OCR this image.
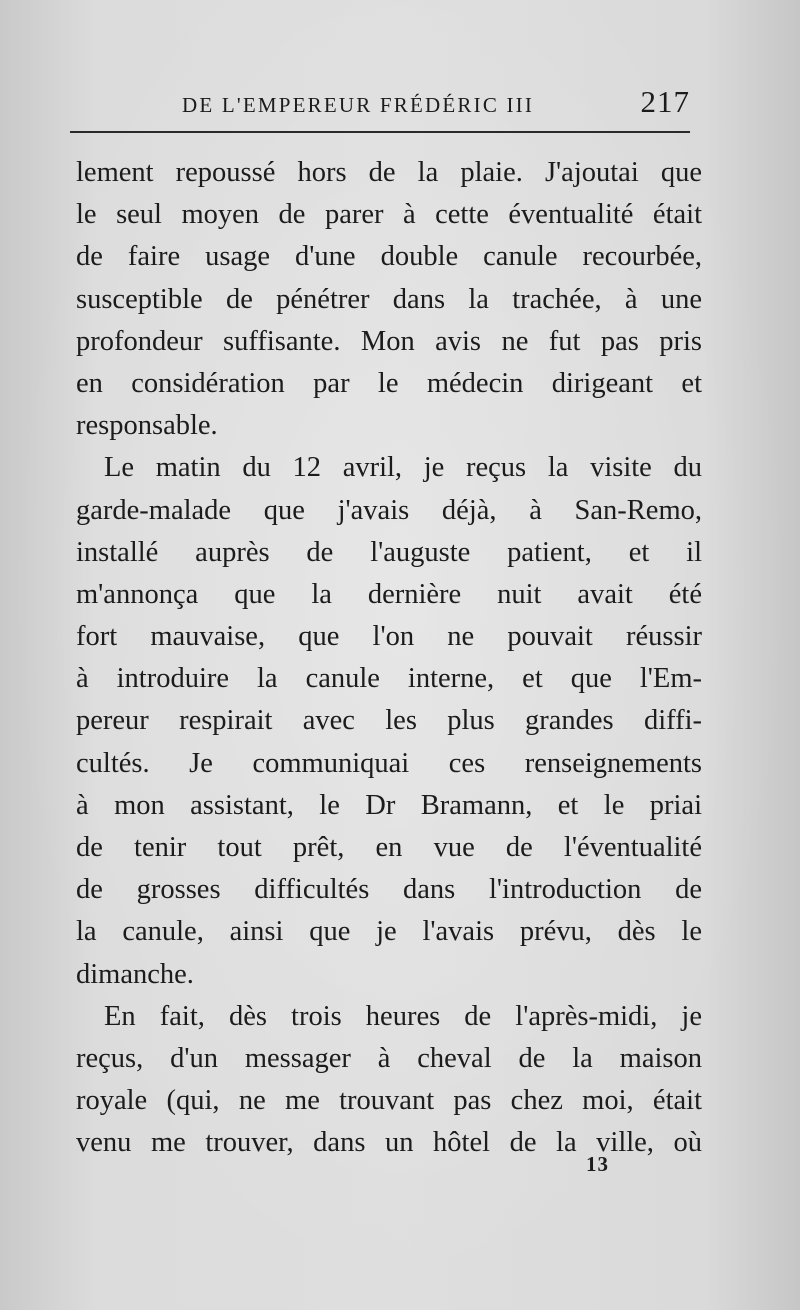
DE L'EMPEREUR FRÉDÉRIC III	217
lement repoussé hors de la plaie. J'ajoutai que
le seul moyen de parer à cette éventualité était
de faire usage d'une double canule recourbée,
susceptible de pénétrer dans la trachée, à une
profondeur suffisante. Mon avis ne fut pas pris
en considération par le médecin dirigeant et
responsable.
Le matin du 12 avril, je reçus la visite du
garde-malade que j'avais déjà, à San-Remo,
installé auprès de l'auguste patient, et il
m'annonça que la dernière nuit avait été
fort mauvaise, que l'on ne pouvait réussir
à introduire la canule interne, et que l'Em-
pereur respirait avec les plus grandes diffi-
cultés. Je communiquai ces renseignements
à mon assistant, le Dr Bramann, et le priai
de tenir tout prêt, en vue de l'éventualité
de grosses difficultés dans l'introduction de
la canule, ainsi que je l'avais prévu, dès le
dimanche.
En fait, dès trois heures de l'après-midi, je
reçus, d'un messager à cheval de la maison
royale (qui, ne me trouvant pas chez moi, était
venu me trouver, dans un hôtel de la ville, où
13
